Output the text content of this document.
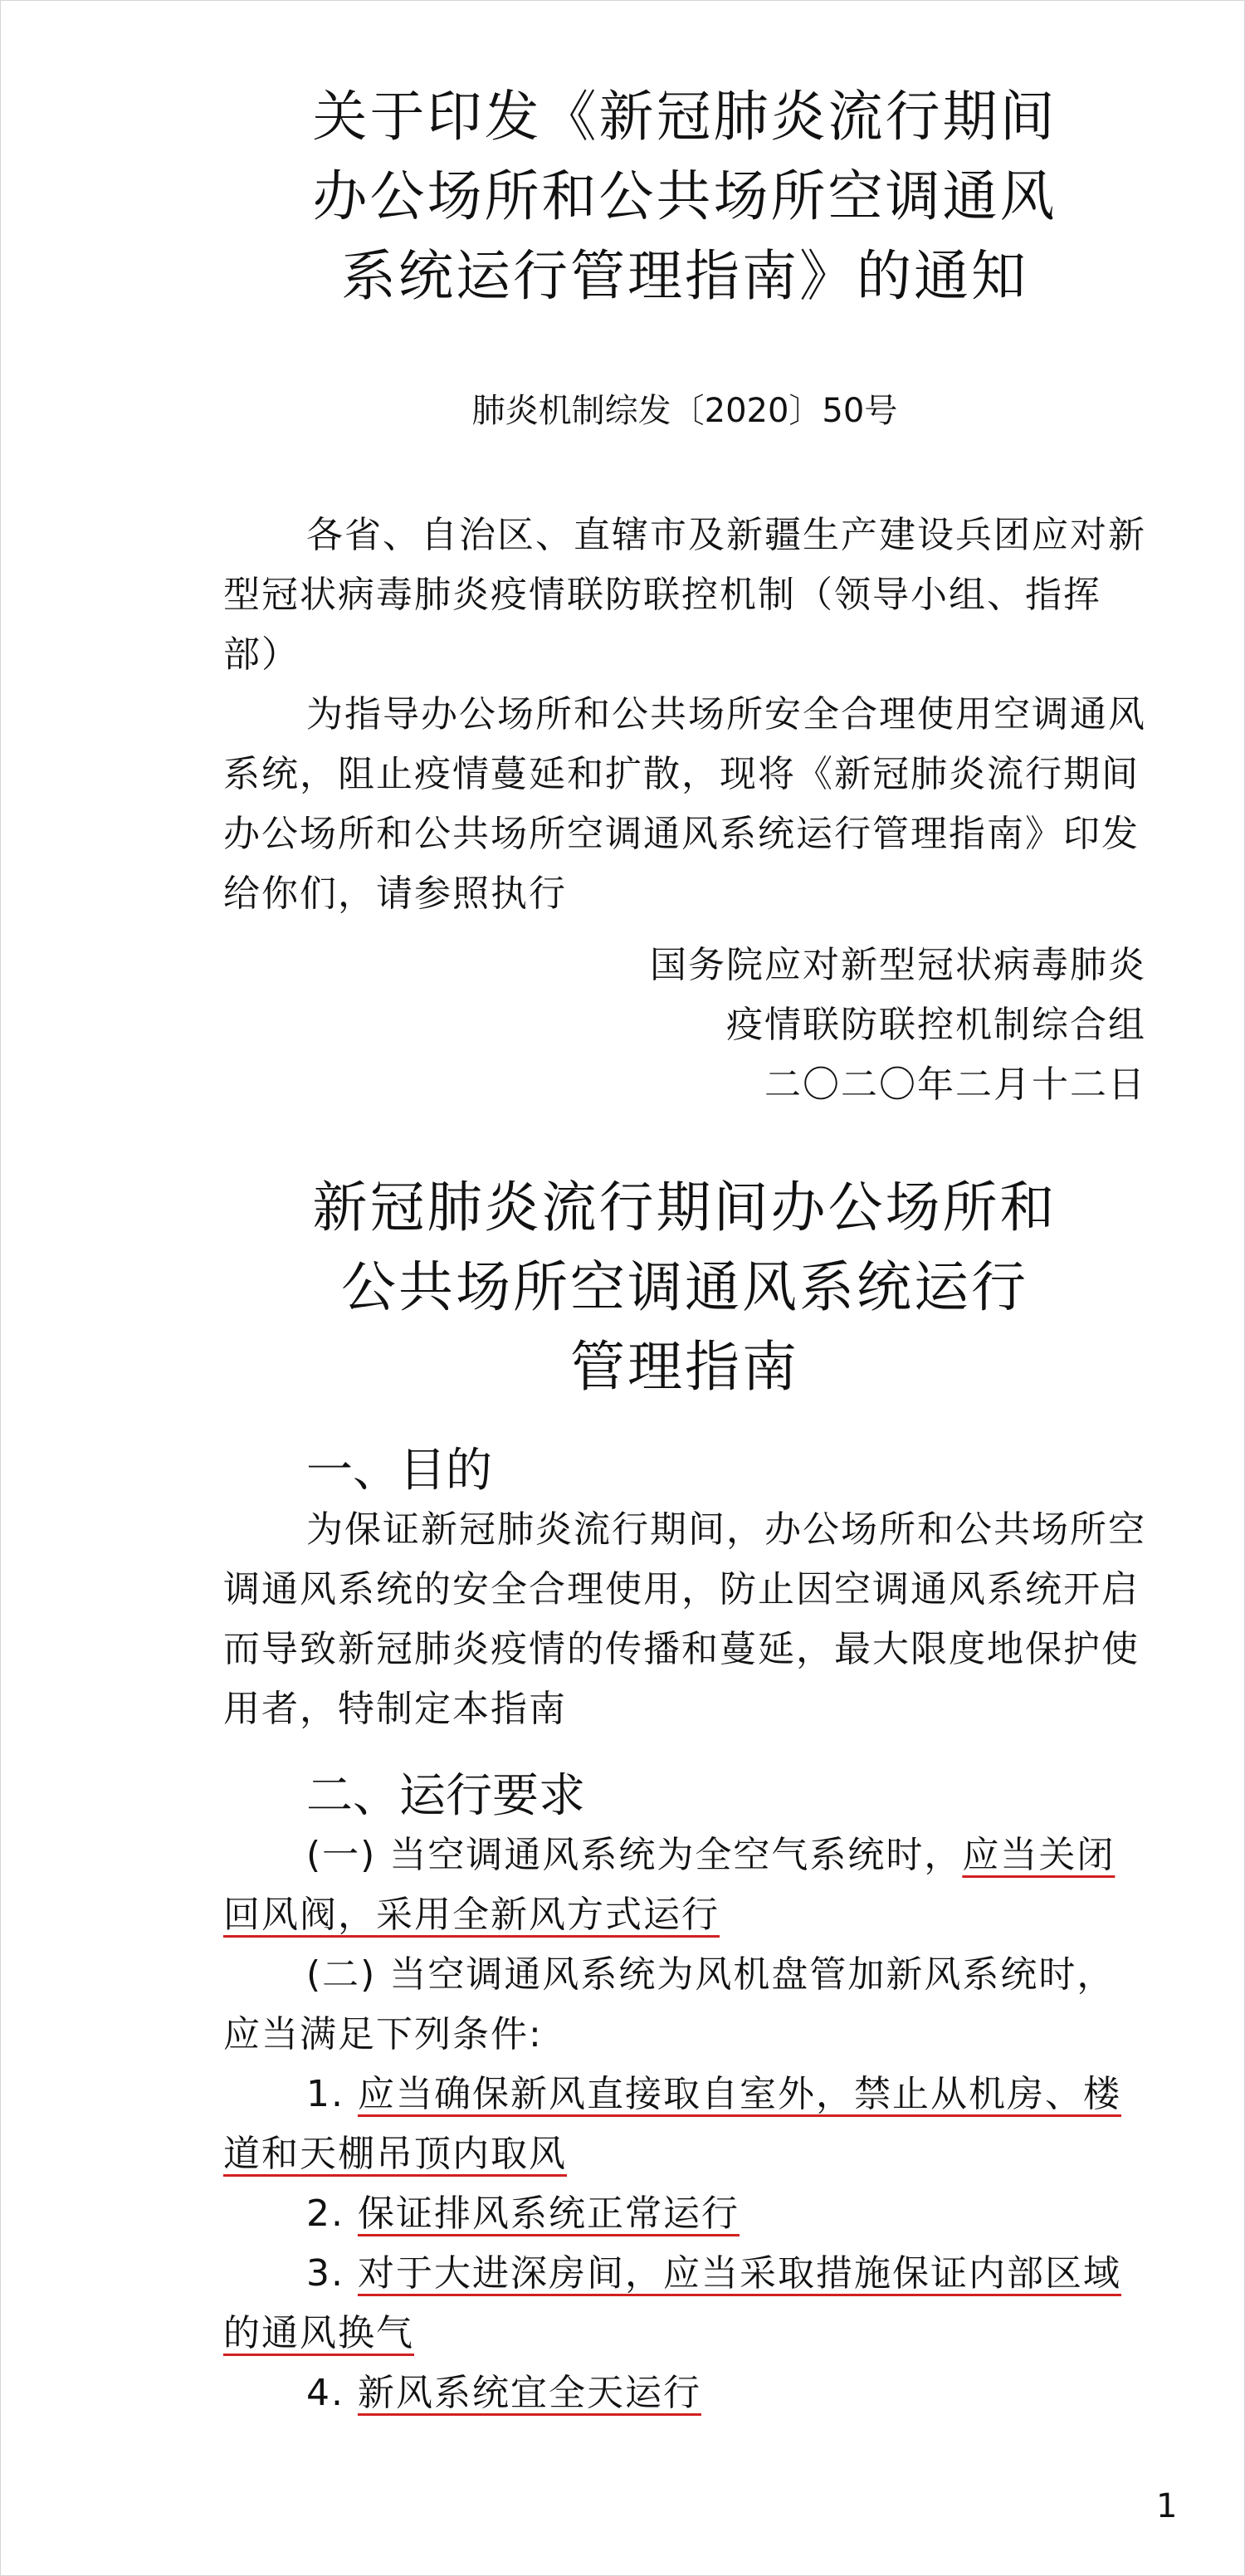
关于印发《新冠肺炎流行期间

办公场所和公共场所空调通风

系统运行管理指南》的通知

肺炎机制综发〔2020〕50号

各省、自治区、直辖市及新疆生产建设兵团应对新型冠状病毒肺炎疫情联防联控机制（领导小组、指挥部）

为指导办公场所和公共场所安全合理使用空调通风系统，阻止疫情蔓延和扩散，现将《新冠肺炎流行期间办公场所和公共场所空调通风系统运行管理指南》印发给你们，请参照执行

国务院应对新型冠状病毒肺炎
疫情联防联控机制综合组
二〇二〇年二月十二日

新冠肺炎流行期间办公场所和

公共场所空调通风系统运行

管理指南

一、目的

为保证新冠肺炎流行期间，办公场所和公共场所空调通风系统的安全合理使用，防止因空调通风系统开启而导致新冠肺炎疫情的传播和蔓延，最大限度地保护使用者，特制定本指南

二、运行要求

(一) 当空调通风系统为全空气系统时，应当关闭回风阀，采用全新风方式运行

(二) 当空调通风系统为风机盘管加新风系统时，应当满足下列条件:

1. 应当确保新风直接取自室外，禁止从机房、楼道和天棚吊顶内取风

2. 保证排风系统正常运行

3. 对于大进深房间，应当采取措施保证内部区域的通风换气

4. 新风系统宜全天运行

1
